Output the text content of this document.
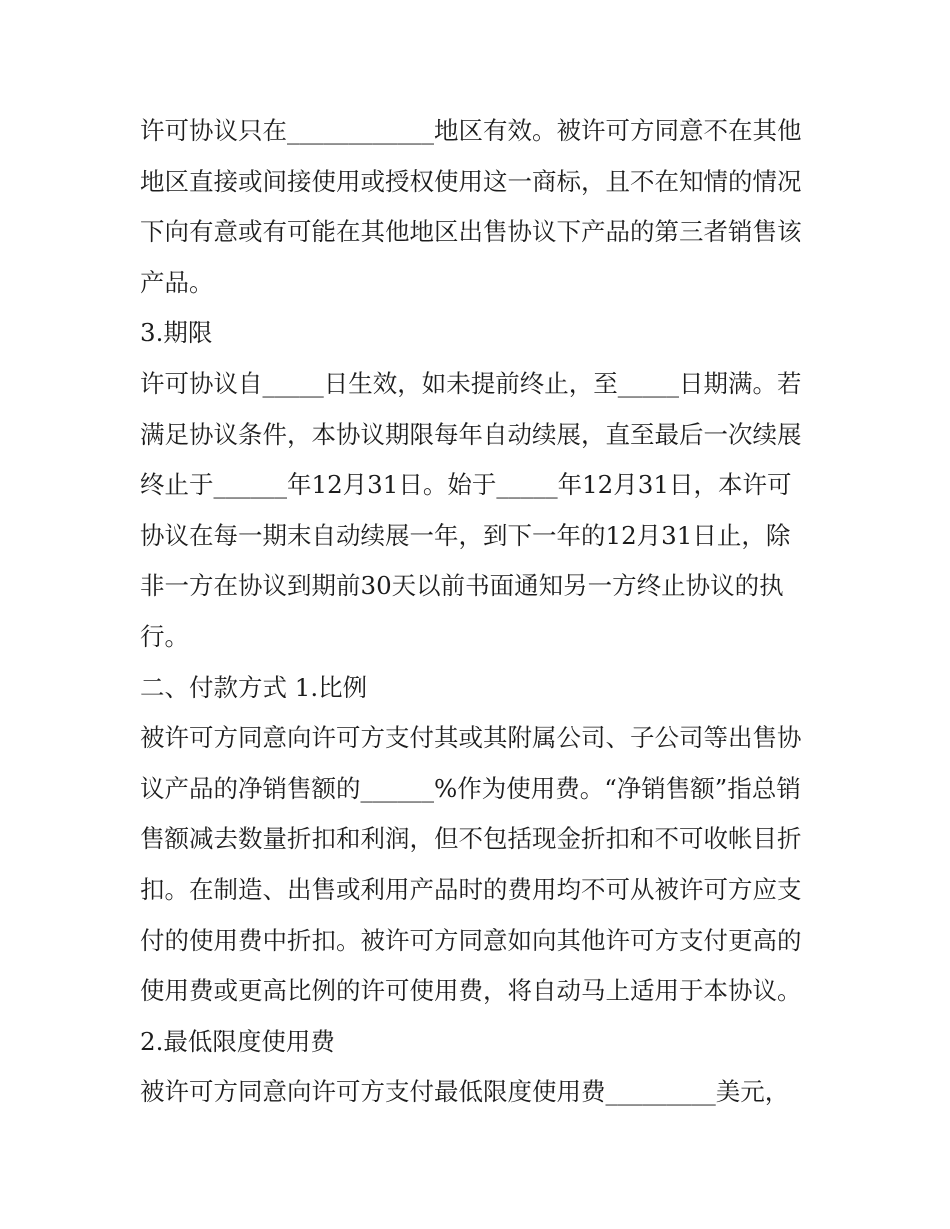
许可协议只在____________地区有效。被许可方同意不在其他
地区直接或间接使用或授权使用这一商标，且不在知情的情况
下向有意或有可能在其他地区出售协议下产品的第三者销售该
产品。
3.期限
许可协议自_____日生效，如未提前终止，至_____日期满。若
满足协议条件，本协议期限每年自动续展，直至最后一次续展
终止于______年12月31日。始于_____年12月31日，本许可
协议在每一期末自动续展一年，到下一年的12月31日止，除
非一方在协议到期前30天以前书面通知另一方终止协议的执
行。
二、付款方式 1.比例
被许可方同意向许可方支付其或其附属公司、子公司等出售协
议产品的净销售额的______%作为使用费。“净销售额”指总销
售额减去数量折扣和利润，但不包括现金折扣和不可收帐目折
扣。在制造、出售或利用产品时的费用均不可从被许可方应支
付的使用费中折扣。被许可方同意如向其他许可方支付更高的
使用费或更高比例的许可使用费，将自动马上适用于本协议。
2.最低限度使用费
被许可方同意向许可方支付最低限度使用费_________美元，
